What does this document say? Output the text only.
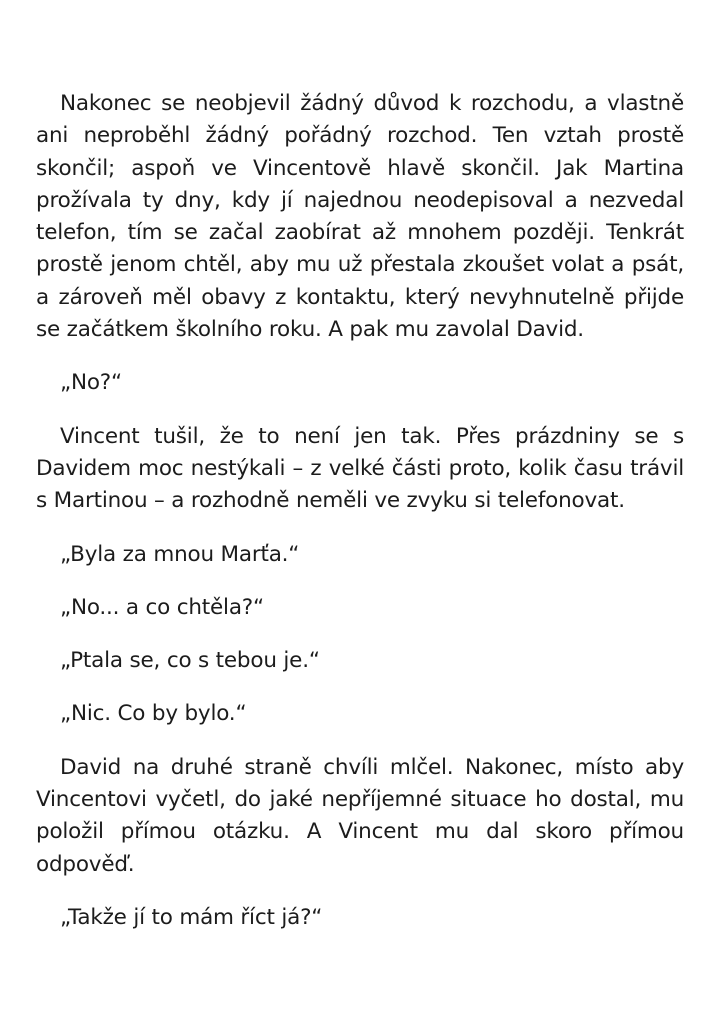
Nakonec se neobjevil žádný důvod k rozchodu, a vlastně ani neproběhl žádný pořádný rozchod. Ten vztah prostě skončil; aspoň ve Vincentově hlavě skončil. Jak Martina prožívala ty dny, kdy jí najednou neodepisoval a nezvedal telefon, tím se začal zaobírat až mnohem později. Tenkrát prostě jenom chtěl, aby mu už přestala zkoušet volat a psát, a zároveň měl obavy z kontaktu, který nevyhnutelně přijde se začátkem školního roku. A pak mu zavolal David.

„No?“

Vincent tušil, že to není jen tak. Přes prázdniny se s Davidem moc nestýkali – z velké části proto, kolik času trávil s Martinou – a rozhodně neměli ve zvyku si telefonovat.

„Byla za mnou Marťa.“

„No... a co chtěla?“

„Ptala se, co s tebou je.“

„Nic. Co by bylo.“

David na druhé straně chvíli mlčel. Nakonec, místo aby Vincentovi vyčetl, do jaké nepříjemné situace ho dostal, mu položil přímou otázku. A Vincent mu dal skoro přímou odpověď.

„Takže jí to mám říct já?“
